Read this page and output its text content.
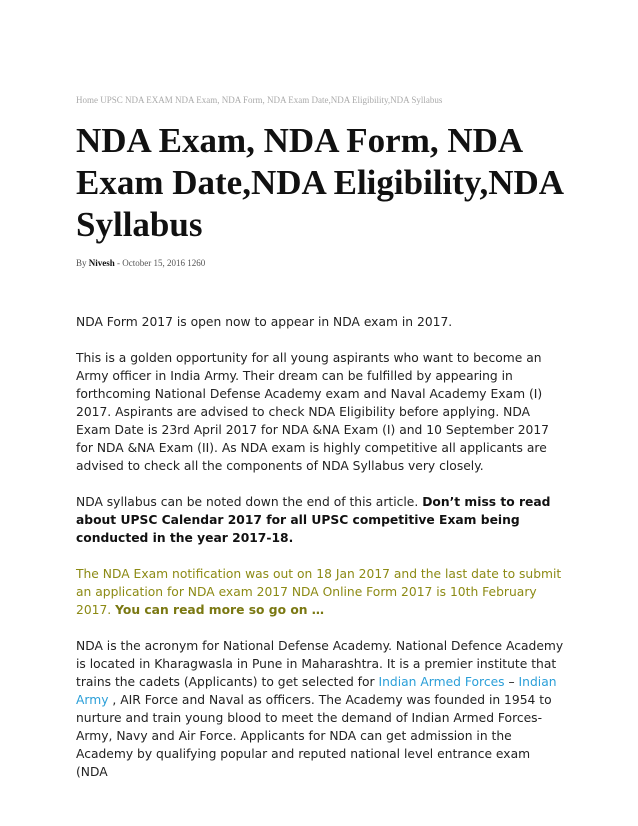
Home UPSC NDA EXAM NDA Exam, NDA Form, NDA Exam Date,NDA Eligibility,NDA Syllabus
NDA Exam, NDA Form, NDA Exam Date,NDA Eligibility,NDA Syllabus
By Nivesh - October 15, 2016 1260

NDA Form 2017 is open now to appear in NDA exam in 2017.

This is a golden opportunity for all young aspirants who want to become an Army officer in India Army. Their dream can be fulfilled by appearing in forthcoming National Defense Academy exam and Naval Academy Exam (I) 2017. Aspirants are advised to check NDA Eligibility before applying. NDA Exam Date is 23rd April 2017 for NDA &NA Exam (I) and 10 September 2017 for NDA &NA Exam (II). As NDA exam is highly competitive all applicants are advised to check all the components of NDA Syllabus very closely.

NDA syllabus can be noted down the end of this article. Don’t miss to read about UPSC Calendar 2017 for all UPSC competitive Exam being conducted in the year 2017-18.

The NDA Exam notification was out on 18 Jan 2017 and the last date to submit an application for NDA exam 2017 NDA Online Form 2017 is 10th February 2017. You can read more so go on …

NDA is the acronym for National Defense Academy. National Defence Academy is located in Kharagwasla in Pune in Maharashtra. It is a premier institute that trains the cadets (Applicants) to get selected for Indian Armed Forces – Indian Army , AIR Force and Naval as officers. The Academy was founded in 1954 to nurture and train young blood to meet the demand of Indian Armed Forces-Army, Navy and Air Force. Applicants for NDA can get admission in the Academy by qualifying popular and reputed national level entrance exam (NDA
